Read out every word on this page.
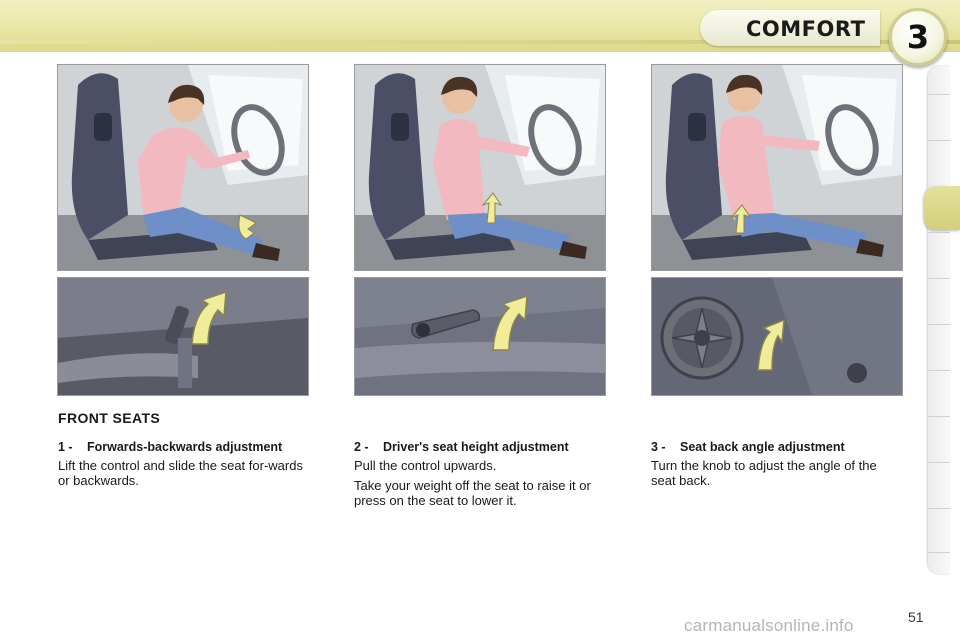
COMFORT	3
FRONT SEATS
1 -	Forwards-backwards adjustment

Lift the control and slide the seat for-wards or backwards.

2 -	Driver's seat height adjustment

Pull the control upwards.

Take your weight off the seat to raise it or press on the seat to lower it.

3 -	Seat back angle adjustment

Turn the knob to adjust the angle of the seat back.

51
carmanualsonline.info
